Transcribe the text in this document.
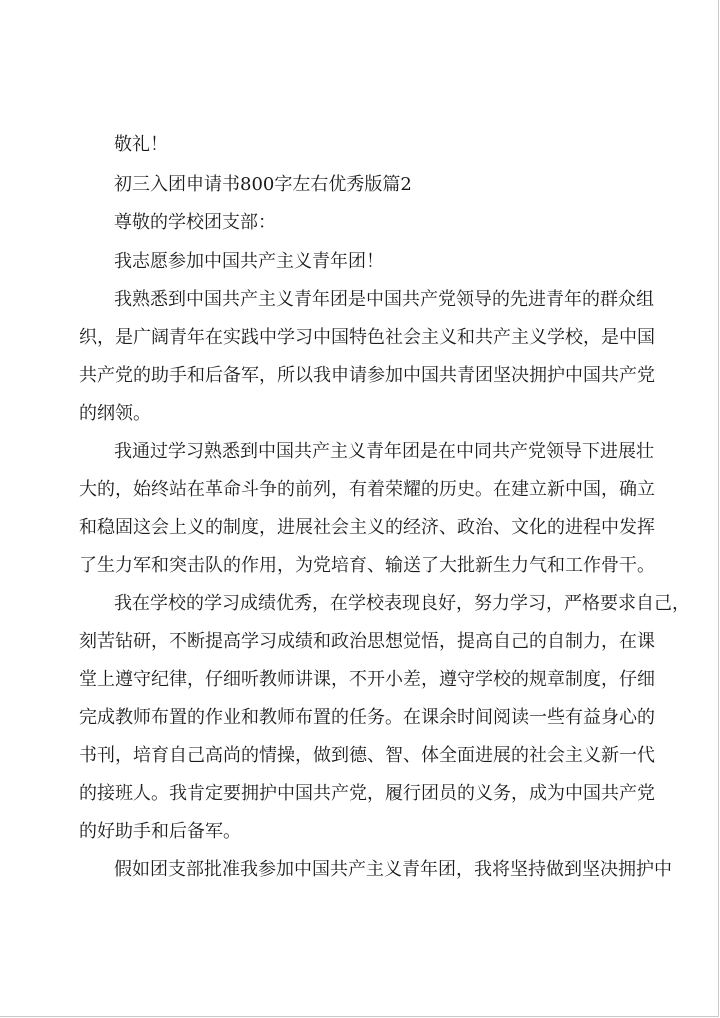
敬礼！

初三入团申请书800字左右优秀版篇2

尊敬的学校团支部：

我志愿参加中国共产主义青年团！

我熟悉到中国共产主义青年团是中国共产党领导的先进青年的群众组

织，是广阔青年在实践中学习中国特色社会主义和共产主义学校，是中国

共产党的助手和后备军，所以我申请参加中国共青团坚决拥护中国共产党

的纲领。

我通过学习熟悉到中国共产主义青年团是在中同共产党领导下进展壮

大的，始终站在革命斗争的前列，有着荣耀的历史。在建立新中国，确立

和稳固这会上义的制度，进展社会主义的经济、政治、文化的进程中发挥

了生力军和突击队的作用，为党培育、输送了大批新生力气和工作骨干。

我在学校的学习成绩优秀，在学校表现良好，努力学习，严格要求自己，

刻苦钻研，不断提高学习成绩和政治思想觉悟，提高自己的自制力，在课

堂上遵守纪律，仔细听教师讲课，不开小差，遵守学校的规章制度，仔细

完成教师布置的作业和教师布置的任务。在课余时间阅读一些有益身心的

书刊，培育自己高尚的情操，做到德、智、体全面进展的社会主义新一代

的接班人。我肯定要拥护中国共产党，履行团员的义务，成为中国共产党

的好助手和后备军。

假如团支部批准我参加中国共产主义青年团，我将坚持做到坚决拥护中
